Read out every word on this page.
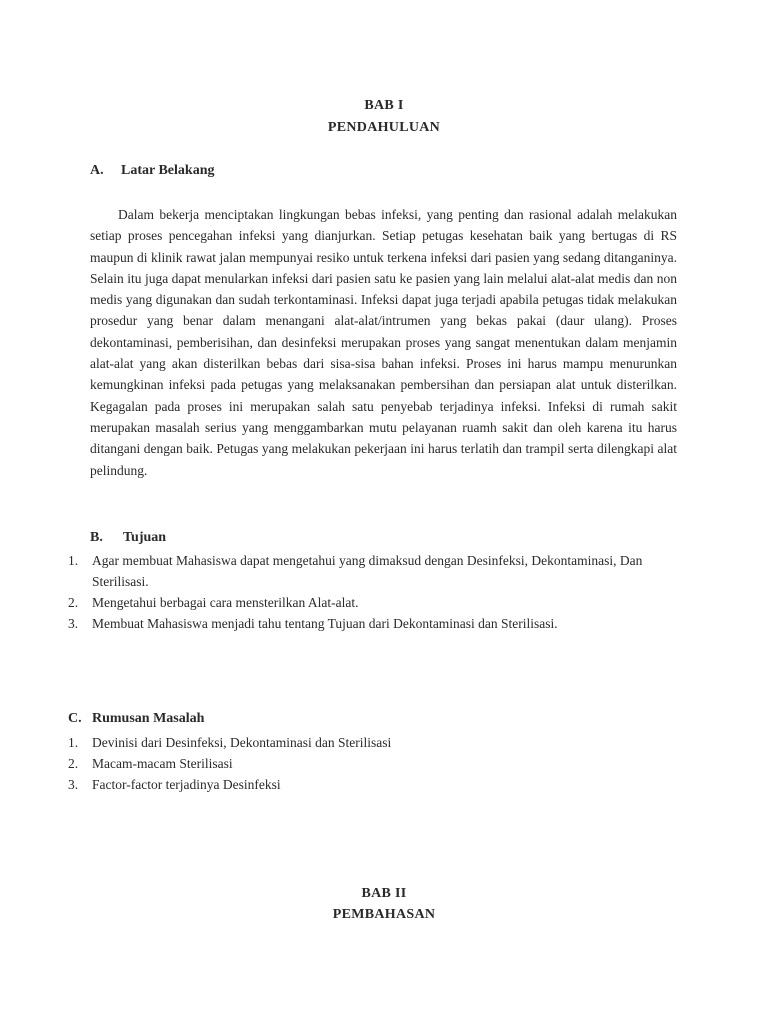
BAB I
PENDAHULUAN
A. Latar Belakang

Dalam bekerja menciptakan lingkungan bebas infeksi, yang penting dan rasional adalah melakukan setiap proses pencegahan infeksi yang dianjurkan. Setiap petugas kesehatan baik yang bertugas di RS maupun di klinik rawat jalan mempunyai resiko untuk terkena infeksi dari pasien yang sedang ditanganinya. Selain itu juga dapat menularkan infeksi dari pasien satu ke pasien yang lain melalui alat-alat medis dan non medis yang digunakan dan sudah terkontaminasi. Infeksi dapat juga terjadi apabila petugas tidak melakukan prosedur yang benar dalam menangani alat-alat/intrumen yang bekas pakai (daur ulang). Proses dekontaminasi, pemberisihan, dan desinfeksi merupakan proses yang sangat menentukan dalam menjamin alat-alat yang akan disterilkan bebas dari sisa-sisa bahan infeksi. Proses ini harus mampu menurunkan kemungkinan infeksi pada petugas yang melaksanakan pembersihan dan persiapan alat untuk disterilkan. Kegagalan pada proses ini merupakan salah satu penyebab terjadinya infeksi. Infeksi di rumah sakit merupakan masalah serius yang menggambarkan mutu pelayanan ruamh sakit dan oleh karena itu harus ditangani dengan baik. Petugas yang melakukan pekerjaan ini harus terlatih dan trampil serta dilengkapi alat pelindung.

B. Tujuan
1. Agar membuat Mahasiswa dapat mengetahui yang dimaksud dengan Desinfeksi, Dekontaminasi, Dan Sterilisasi.
2. Mengetahui berbagai cara mensterilkan Alat-alat.
3. Membuat Mahasiswa menjadi tahu tentang Tujuan dari Dekontaminasi dan Sterilisasi.
C. Rumusan Masalah
1. Devinisi dari Desinfeksi, Dekontaminasi dan Sterilisasi
2. Macam-macam Sterilisasi
3. Factor-factor terjadinya Desinfeksi
BAB II
PEMBAHASAN
